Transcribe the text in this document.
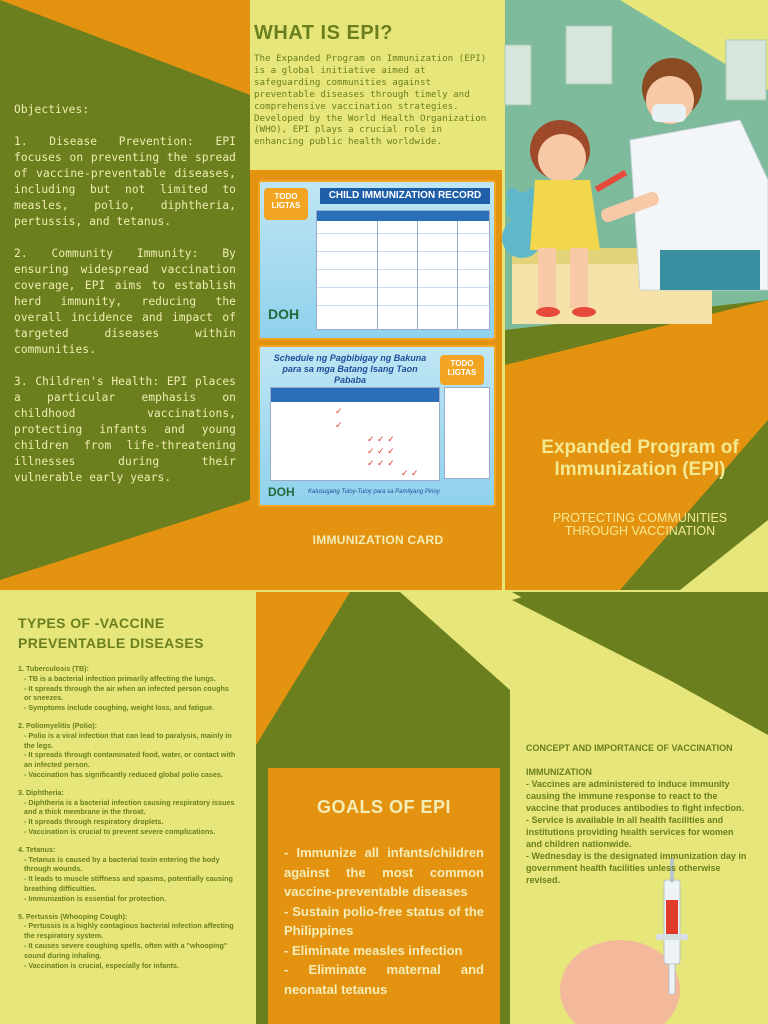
Objectives:

1. Disease Prevention: EPI focuses on preventing the spread of vaccine-preventable diseases, including but not limited to measles, polio, diphtheria, pertussis, and tetanus.

2. Community Immunity: By ensuring widespread vaccination coverage, EPI aims to establish herd immunity, reducing the overall incidence and impact of targeted diseases within communities.

3. Children's Health: EPI places a particular emphasis on childhood vaccinations, protecting infants and young children from life-threatening illnesses during their vulnerable early years.

WHAT IS EPI?
The Expanded Program on Immunization (EPI) is a global initiative aimed at safeguarding communities against preventable diseases through timely and comprehensive vaccination strategies. Developed by the World Health Organization (WHO), EPI plays a crucial role in enhancing public health worldwide.
TODO LIGTAS
CHILD IMMUNIZATION RECORD
DOH
Schedule ng Pagbibigay ng Bakuna
para sa mga Batang Isang Taon Pababa
TODO LIGTAS
✓
✓
✓ ✓ ✓
✓ ✓ ✓
✓ ✓ ✓
✓ ✓
DOH Kalusugang Tuloy-Tuloy para sa Pamilyang Pinoy
IMMUNIZATION CARD
Expanded Program of Immunization (EPI)
PROTECTING COMMUNITIES THROUGH VACCINATION
TYPES OF -VACCINE PREVENTABLE DISEASES
1. Tuberculosis (TB):
- TB is a bacterial infection primarily affecting the lungs.
- It spreads through the air when an infected person coughs or sneezes.
- Symptoms include coughing, weight loss, and fatigue.
2. Poliomyelitis (Polio):
- Polio is a viral infection that can lead to paralysis, mainly in the legs.
- It spreads through contaminated food, water, or contact with an infected person.
- Vaccination has significantly reduced global polio cases.
3. Diphtheria:
- Diphtheria is a bacterial infection causing respiratory issues and a thick membrane in the throat.
- It spreads through respiratory droplets.
- Vaccination is crucial to prevent severe complications.
4. Tetanus:
- Tetanus is caused by a bacterial toxin entering the body through wounds.
- It leads to muscle stiffness and spasms, potentially causing breathing difficulties.
- Immunization is essential for protection.
5. Pertussis (Whooping Cough):
- Pertussis is a highly contagious bacterial infection affecting the respiratory system.
- It causes severe coughing spells, often with a "whooping" sound during inhaling.
- Vaccination is crucial, especially for infants.
GOALS OF EPI
- Immunize all infants/children against the most common vaccine-preventable diseases
- Sustain polio-free status of the Philippines
- Eliminate measles infection
- Eliminate maternal and neonatal tetanus
CONCEPT AND IMPORTANCE OF VACCINATION
IMMUNIZATION
- Vaccines are administered to induce immunity causing the immune response to react to the vaccine that produces antibodies to fight infection.
- Service is available in all health facilities and institutions providing health services for women and children nationwide.
- Wednesday is the designated immunization day in government health facilities unless otherwise revised.
